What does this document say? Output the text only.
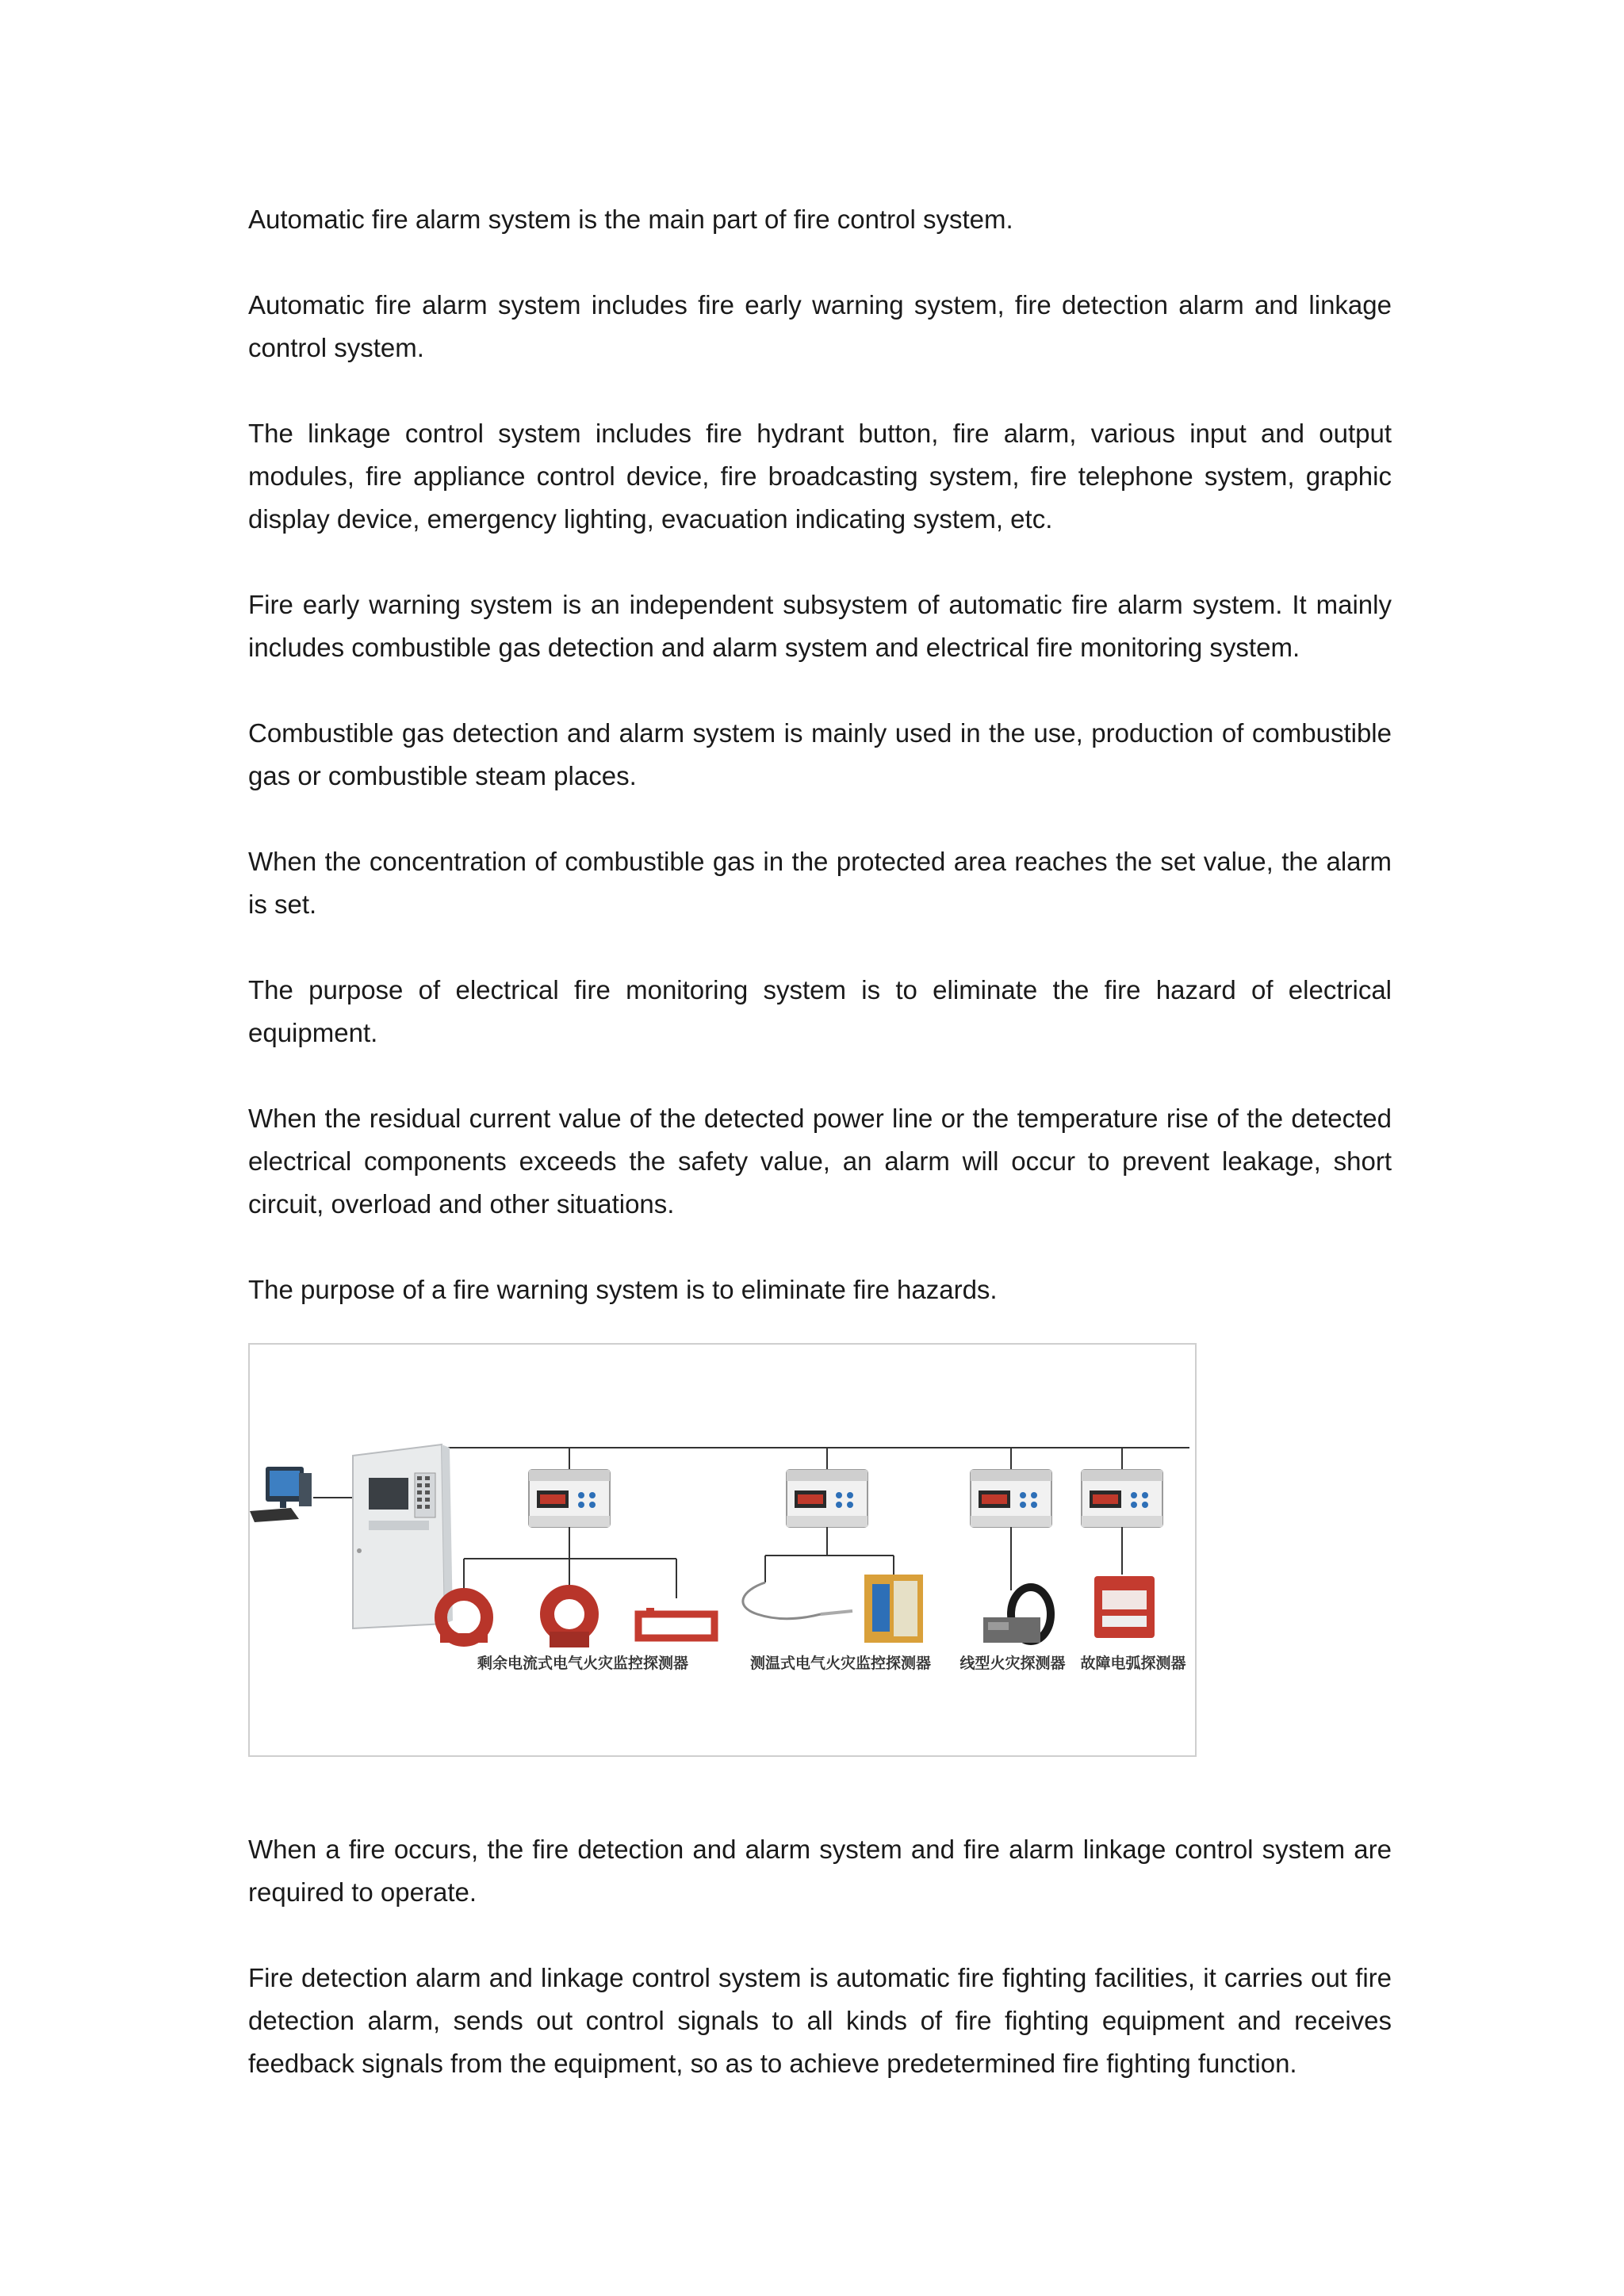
Automatic fire alarm system is the main part of fire control system.

Automatic fire alarm system includes fire early warning system, fire detection alarm and linkage control system.

The linkage control system includes fire hydrant button, fire alarm, various input and output modules, fire appliance control device, fire broadcasting system, fire telephone system, graphic display device, emergency lighting, evacuation indicating system, etc.

Fire early warning system is an independent subsystem of automatic fire alarm system. It mainly includes combustible gas detection and alarm system and electrical fire monitoring system.

Combustible gas detection and alarm system is mainly used in the use, production of combustible gas or combustible steam places.

When the concentration of combustible gas in the protected area reaches the set value, the alarm is set.

The purpose of electrical fire monitoring system is to eliminate the fire hazard of electrical equipment.

When the residual current value of the detected power line or the temperature rise of the detected electrical components exceeds the safety value, an alarm will occur to prevent leakage, short circuit, overload and other situations.

The purpose of a fire warning system is to eliminate fire hazards.

剩余电流式电气火灾监控探测器	测温式电气火灾监控探测器 线型火灾探测器 故障电弧探测器

When a fire occurs, the fire detection and alarm system and fire alarm linkage control system are required to operate.

Fire detection alarm and linkage control system is automatic fire fighting facilities, it carries out fire detection alarm, sends out control signals to all kinds of fire fighting equipment and receives feedback signals from the equipment, so as to achieve predetermined fire fighting function.
